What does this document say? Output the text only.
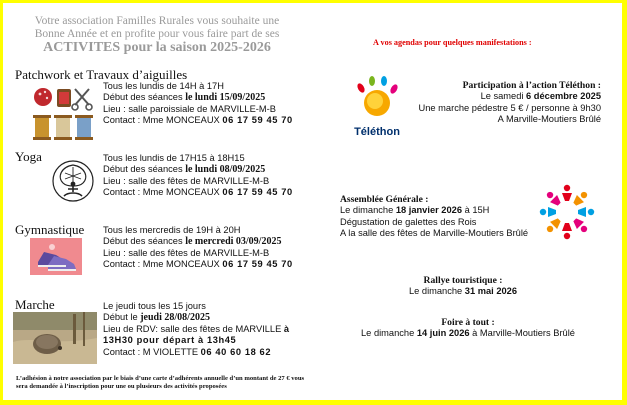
Votre association Familles Rurales vous souhaite une
Bonne Année et en profite pour vous faire part de ses
ACTIVITES pour la saison 2025-2026
Patchwork et Travaux d’aiguilles
Tous les lundis de 14H à 17H
Début des séances le lundi 15/09/2025
Lieu : salle paroissiale de MARVILLE-M-B
Contact : Mme MONCEAUX 06 17 59 45 70
Yoga	Tous les lundis de 17H15 à 18H15
Début des séances le lundi 08/09/2025
Lieu : salle des fêtes de MARVILLE-M-B
Contact : Mme MONCEAUX 06 17 59 45 70
Gymnastique Tous les mercredis de 19H à 20H
Début des séances le mercredi 03/09/2025
Lieu : salle des fêtes de MARVILLE-M-B
Contact : Mme MONCEAUX 06 17 59 45 70
Marche	Le jeudi tous les 15 jours
Début le jeudi 28/08/2025
Lieu de RDV: salle des fêtes de MARVILLE à
13H30 pour départ à 13h45
Contact : M VIOLETTE 06 40 60 18 62
L’adhésion à notre association par le biais d’une carte d’adhérents annuelle d’un montant de 27 € vous sera demandée à l’inscription pour une ou plusieurs des activités proposées
A vos agendas pour quelques manifestations :
Téléthon
Participation à l’action Téléthon :
Le samedi 6 décembre 2025
Une marche pédestre 5 € / personne à 9h30
A Marville-Moutiers Brûlé
Assemblée Générale :
Le dimanche 18 janvier 2026 à 15H
Dégustation de galettes des Rois
A la salle des fêtes de Marville-Moutiers Brûlé
Rallye touristique :
Le dimanche 31 mai 2026
Foire à tout :
Le dimanche 14 juin 2026 à Marville-Moutiers Brûlé
